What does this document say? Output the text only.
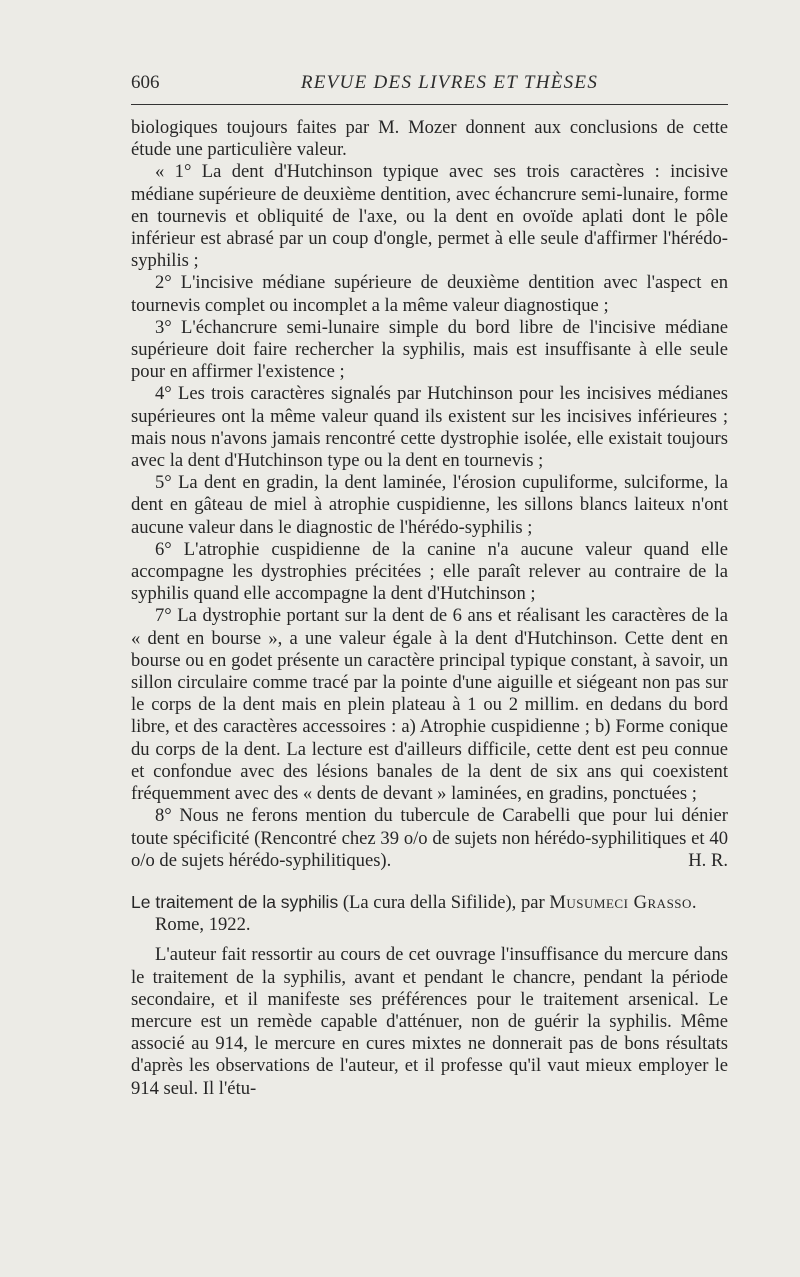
606	REVUE DES LIVRES ET THÈSES

biologiques toujours faites par M. Mozer donnent aux conclusions de cette étude une particulière valeur.

« 1° La dent d'Hutchinson typique avec ses trois caractères : incisive médiane supérieure de deuxième dentition, avec échancrure semi-lunaire, forme en tournevis et obliquité de l'axe, ou la dent en ovoïde aplati dont le pôle inférieur est abrasé par un coup d'ongle, permet à elle seule d'affirmer l'hérédo-syphilis ;

2° L'incisive médiane supérieure de deuxième dentition avec l'aspect en tournevis complet ou incomplet a la même valeur diagnostique ;

3° L'échancrure semi-lunaire simple du bord libre de l'incisive médiane supérieure doit faire rechercher la syphilis, mais est insuffisante à elle seule pour en affirmer l'existence ;

4° Les trois caractères signalés par Hutchinson pour les incisives médianes supérieures ont la même valeur quand ils existent sur les incisives inférieures ; mais nous n'avons jamais rencontré cette dystrophie isolée, elle existait toujours avec la dent d'Hutchinson type ou la dent en tournevis ;

5° La dent en gradin, la dent laminée, l'érosion cupuliforme, sulciforme, la dent en gâteau de miel à atrophie cuspidienne, les sillons blancs laiteux n'ont aucune valeur dans le diagnostic de l'hérédo-syphilis ;

6° L'atrophie cuspidienne de la canine n'a aucune valeur quand elle accompagne les dystrophies précitées ; elle paraît relever au contraire de la syphilis quand elle accompagne la dent d'Hutchinson ;

7° La dystrophie portant sur la dent de 6 ans et réalisant les caractères de la « dent en bourse », a une valeur égale à la dent d'Hutchinson. Cette dent en bourse ou en godet présente un caractère principal typique constant, à savoir, un sillon circulaire comme tracé par la pointe d'une aiguille et siégeant non pas sur le corps de la dent mais en plein plateau à 1 ou 2 millim. en dedans du bord libre, et des caractères accessoires : a) Atrophie cuspidienne ; b) Forme conique du corps de la dent. La lecture est d'ailleurs difficile, cette dent est peu connue et confondue avec des lésions banales de la dent de six ans qui coexistent fréquemment avec des « dents de devant » laminées, en gradins, ponctuées ;

8° Nous ne ferons mention du tubercule de Carabelli que pour lui dénier toute spécificité (Rencontré chez 39 o/o de sujets non hérédo-syphilitiques et 40 o/o de sujets hérédo-syphilitiques).	H. R.

Le traitement de la syphilis (La cura della Sifilide), par Musumeci Grasso.

Rome, 1922.

L'auteur fait ressortir au cours de cet ouvrage l'insuffisance du mercure dans le traitement de la syphilis, avant et pendant le chancre, pendant la période secondaire, et il manifeste ses préférences pour le traitement arsenical. Le mercure est un remède capable d'atténuer, non de guérir la syphilis. Même associé au 914, le mercure en cures mixtes ne donnerait pas de bons résultats d'après les observations de l'auteur, et il professe qu'il vaut mieux employer le 914 seul. Il l'étu-
